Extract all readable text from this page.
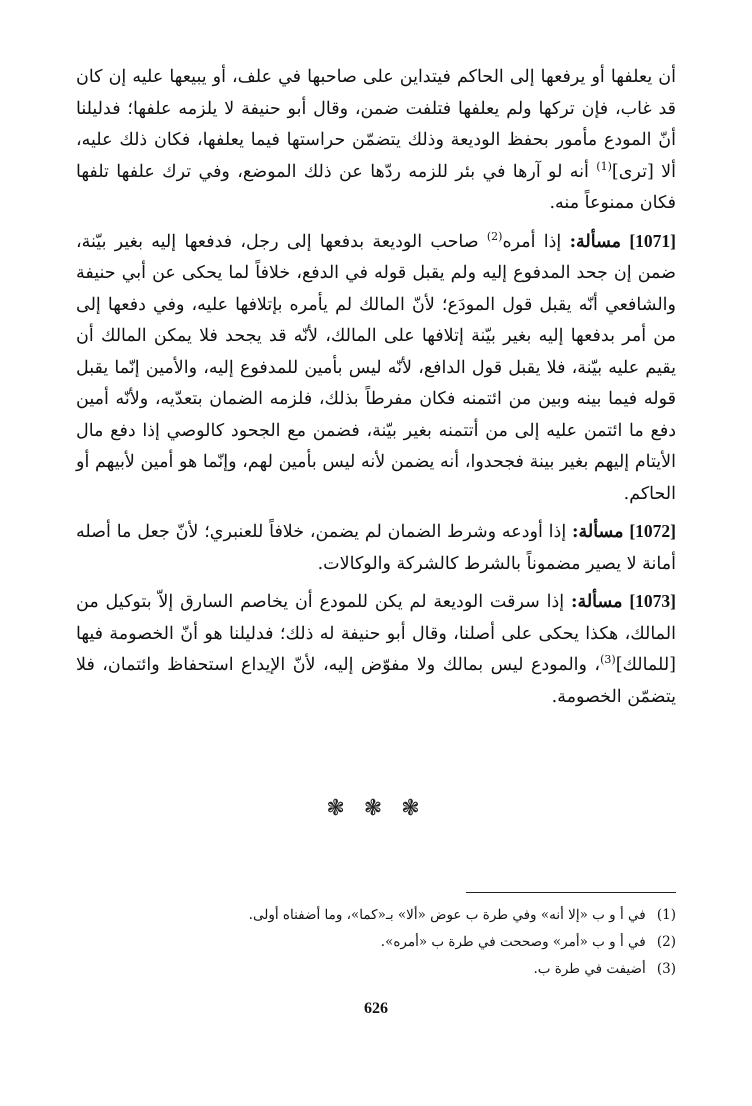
أن يعلفها أو يرفعها إلى الحاكم فيتداين على صاحبها في علف، أو يبيعها عليه إن كان قد غاب، فإن تركها ولم يعلفها فتلفت ضمن، وقال أبو حنيفة لا يلزمه علفها؛ فدليلنا أنّ المودع مأمور بحفظ الوديعة وذلك يتضمّن حراستها فيما يعلفها، فكان ذلك عليه، ألا [ترى]$^{(1)}$ أنه لو آرها في بئر للزمه ردّها عن ذلك الموضع، وفي ترك علفها تلفها فكان ممنوعاً منه.

[1071] مسألة: إذا أمره$^{(2)}$ صاحب الوديعة بدفعها إلى رجل، فدفعها إليه بغير بيّنة، ضمن إن جحد المدفوع إليه ولم يقبل قوله في الدفع، خلافاً لما يحكى عن أبي حنيفة والشافعي أنّه يقبل قول المودَع؛ لأنّ المالك لم يأمره بإتلافها عليه، وفي دفعها إلى من أمر بدفعها إليه بغير بيّنة إتلافها على المالك، لأنّه قد يجحد فلا يمكن المالك أن يقيم عليه بيّنة، فلا يقبل قول الدافع، لأنّه ليس بأمين للمدفوع إليه، والأمين إنّما يقبل قوله فيما بينه وبين من ائتمنه فكان مفرطاً بذلك، فلزمه الضمان بتعدّيه، ولأنّه أمين دفع ما ائتمن عليه إلى من أتتمنه بغير بيّنة، فضمن مع الجحود كالوصي إذا دفع مال الأيتام إليهم بغير بينة فجحدوا، أنه يضمن لأنه ليس بأمين لهم، وإنّما هو أمين لأبيهم أو الحاكم.

[1072] مسألة: إذا أودعه وشرط الضمان لم يضمن، خلافاً للعنبري؛ لأنّ جعل ما أصله أمانة لا يصير مضموناً بالشرط كالشركة والوكالات.

[1073] مسألة: إذا سرقت الوديعة لم يكن للمودع أن يخاصم السارق إلاّ بتوكيل من المالك، هكذا يحكى على أصلنا، وقال أبو حنيفة له ذلك؛ فدليلنا هو أنّ الخصومة فيها [للمالك]$^{(3)}$، والمودع ليس بمالك ولا مفوّض إليه، لأنّ الإيداع استحفاظ وائتمان، فلا يتضمّن الخصومة.

❃ ❃ ❃
(1) في أ و ب «إلا أنه» وفي طرة ب عوض «ألا» بـ«كما»، وما أضفناه أولى.
(2) في أ و ب «أمر» وصححت في طرة ب «أمره».
(3) أضيفت في طرة ب.
626
